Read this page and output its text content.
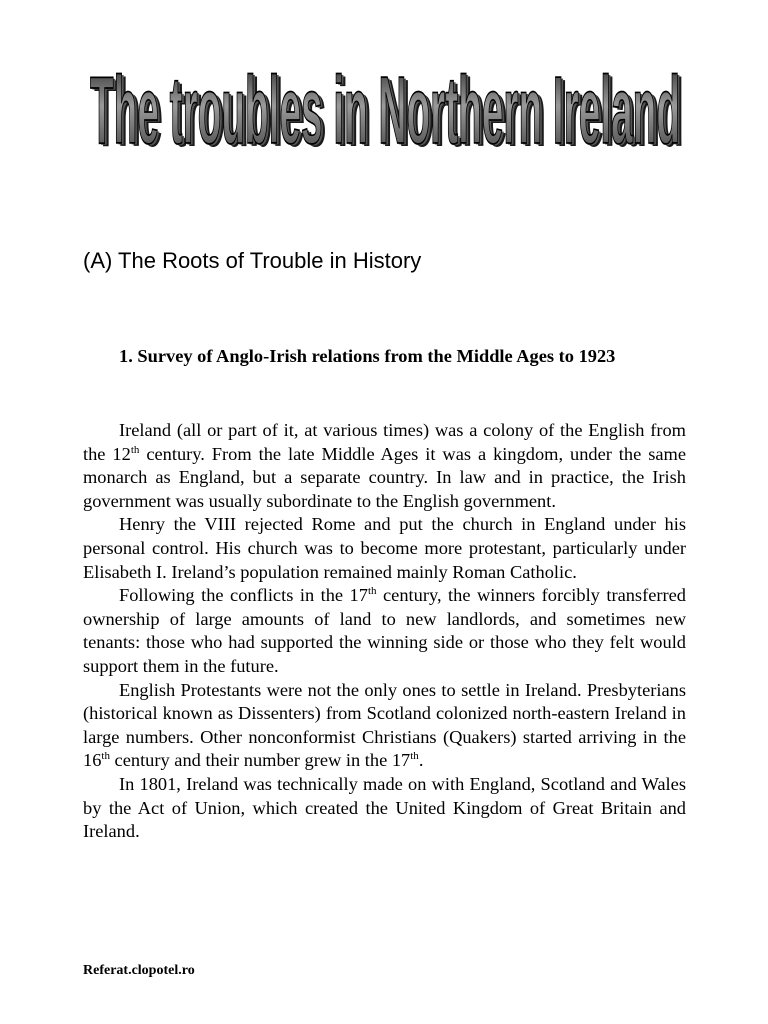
The troubles in Northern Ireland
The troubles in Northern Ireland
The troubles in Northern Ireland
(A) The Roots of Trouble in History
1. Survey of Anglo-Irish relations from the Middle Ages to 1923

Ireland (all or part of it, at various times) was a colony of the English from the 12th century. From the late Middle Ages it was a kingdom, under the same monarch as England, but a separate country. In law and in practice, the Irish government was usually subordinate to the English government.

Henry the VIII rejected Rome and put the church in England under his personal control. His church was to become more protestant, particularly under Elisabeth I. Ireland’s population remained mainly Roman Catholic.

Following the conflicts in the 17th century, the winners forcibly transferred ownership of large amounts of land to new landlords, and sometimes new tenants: those who had supported the winning side or those who they felt would support them in the future.

English Protestants were not the only ones to settle in Ireland. Presbyterians (historical known as Dissenters) from Scotland colonized north-eastern Ireland in large numbers. Other nonconformist Christians (Quakers) started arriving in the 16th century and their number grew in the 17th.

In 1801, Ireland was technically made on with England, Scotland and Wales by the Act of Union, which created the United Kingdom of Great Britain and Ireland.

Referat.clopotel.ro
